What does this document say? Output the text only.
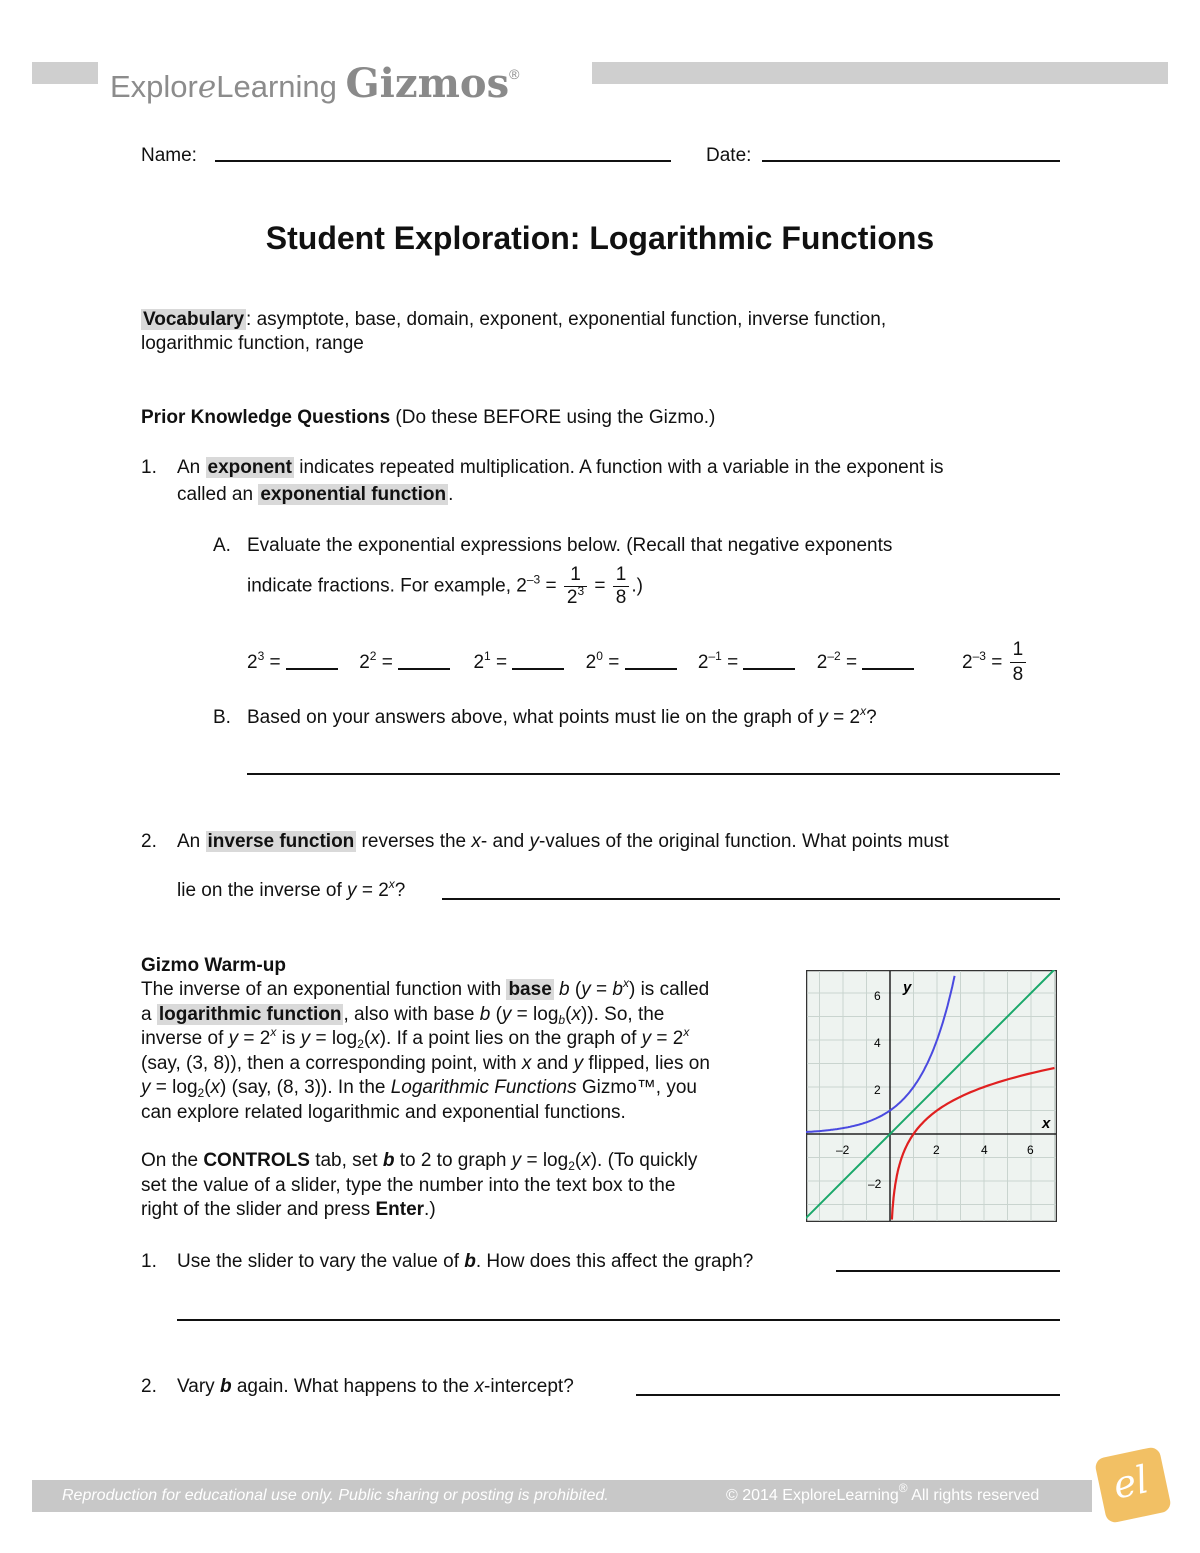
ExploreLearning Gizmos®
Name:	Date:
Student Exploration: Logarithmic Functions
Vocabulary : asymptote, base, domain, exponent, exponential function, inverse function,
logarithmic function, range
Prior Knowledge Questions (Do these BEFORE using the Gizmo.)
1. An exponent indicates repeated multiplication. A function with a variable in the exponent is
called an exponential function .
A. Evaluate the exponential expressions below. (Recall that negative exponents
indicate fractions. For example, $2^{-3} = \frac{1}{2^3} = \frac{1}{8}$ .)
$2^3$ =	$2^2$ =	$2^1$ =	$2^0$ =	$2^{-1}$ =	$2^{-2}$ =	$2^{-3} = \frac{1}{8}$
B. Based on your answers above, what points must lie on the graph of $y = 2^x$?
2. An inverse function reverses the x- and y-values of the original function. What points must
lie on the inverse of $y = 2^x$?
Gizmo Warm-up
The inverse of an exponential function with base b $(y = b^x)$ is called
a logarithmic function , also with base b $(y = \log_b(x))$. So, the
inverse of $y = 2^x$ is $y = \log_2(x)$. If a point lies on the graph of $y = 2^x$
(say, (3, 8)), then a corresponding point, with x and y flipped, lies on
$y = \log_2(x)$ (say, (8, 3)). In the Logarithmic Functions Gizmo™, you
can explore related logarithmic and exponential functions.
On the CONTROLS tab, set b to 2 to graph $y = \log_2(x)$. (To quickly
set the value of a slider, type the number into the text box to the
right of the slider and press Enter.)
y
x
–2	2	4	6
6
4
2
–2
1. Use the slider to vary the value of b. How does this affect the graph?
2. Vary b again. What happens to the x-intercept?
Reproduction for educational use only. Public sharing or posting is prohibited.	© 2014 ExploreLearning® All rights reserved el
